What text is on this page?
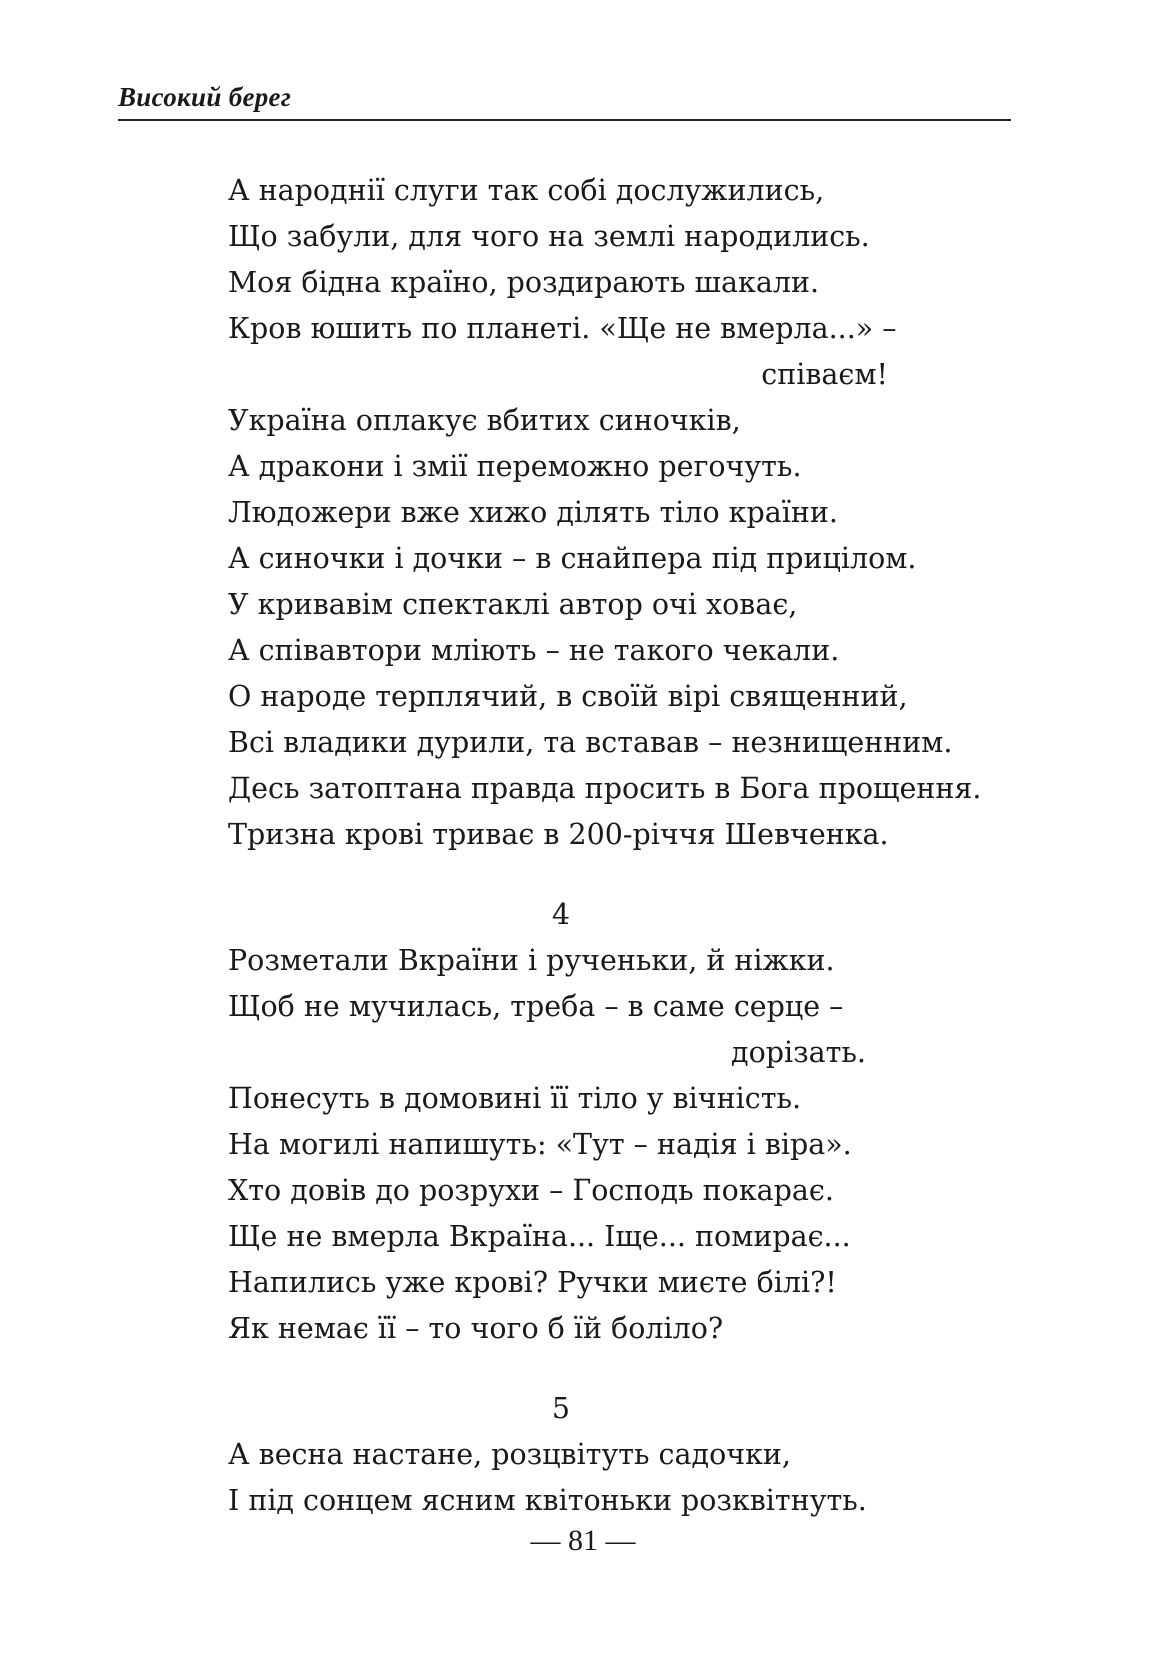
Високий берег
А народнії слуги так собі дослужились,
Що забули, для чого на землі народились.
Моя бідна країно, роздирають шакали.
Кров юшить по планеті. «Ще не вмерла...» –
співаєм!
Україна оплакує вбитих синочків,
А дракони і змії переможно регочуть.
Людожери вже хижо ділять тіло країни.
А синочки і дочки – в снайпера під прицілом.
У кривавім спектаклі автор очі ховає,
А співавтори мліють – не такого чекали.
О народе терплячий, в своїй вірі священний,
Всі владики дурили, та вставав – незнищенним.
Десь затоптана правда просить в Бога прощення.
Тризна крові триває в 200-річчя Шевченка.
4
Розметали Вкраїни і рученьки, й ніжки.
Щоб не мучилась, треба – в саме серце –
дорізать.
Понесуть в домовині її тіло у вічність.
На могилі напишуть: «Тут – надія і віра».
Хто довів до розрухи – Господь покарає.
Ще не вмерла Вкраїна... Іще... помирає...
Напились уже крові? Ручки миєте білі?!
Як немає її – то чого б їй боліло?
5
А весна настане, розцвітуть садочки,
І під сонцем ясним квітоньки розквітнуть.
— 81 —
